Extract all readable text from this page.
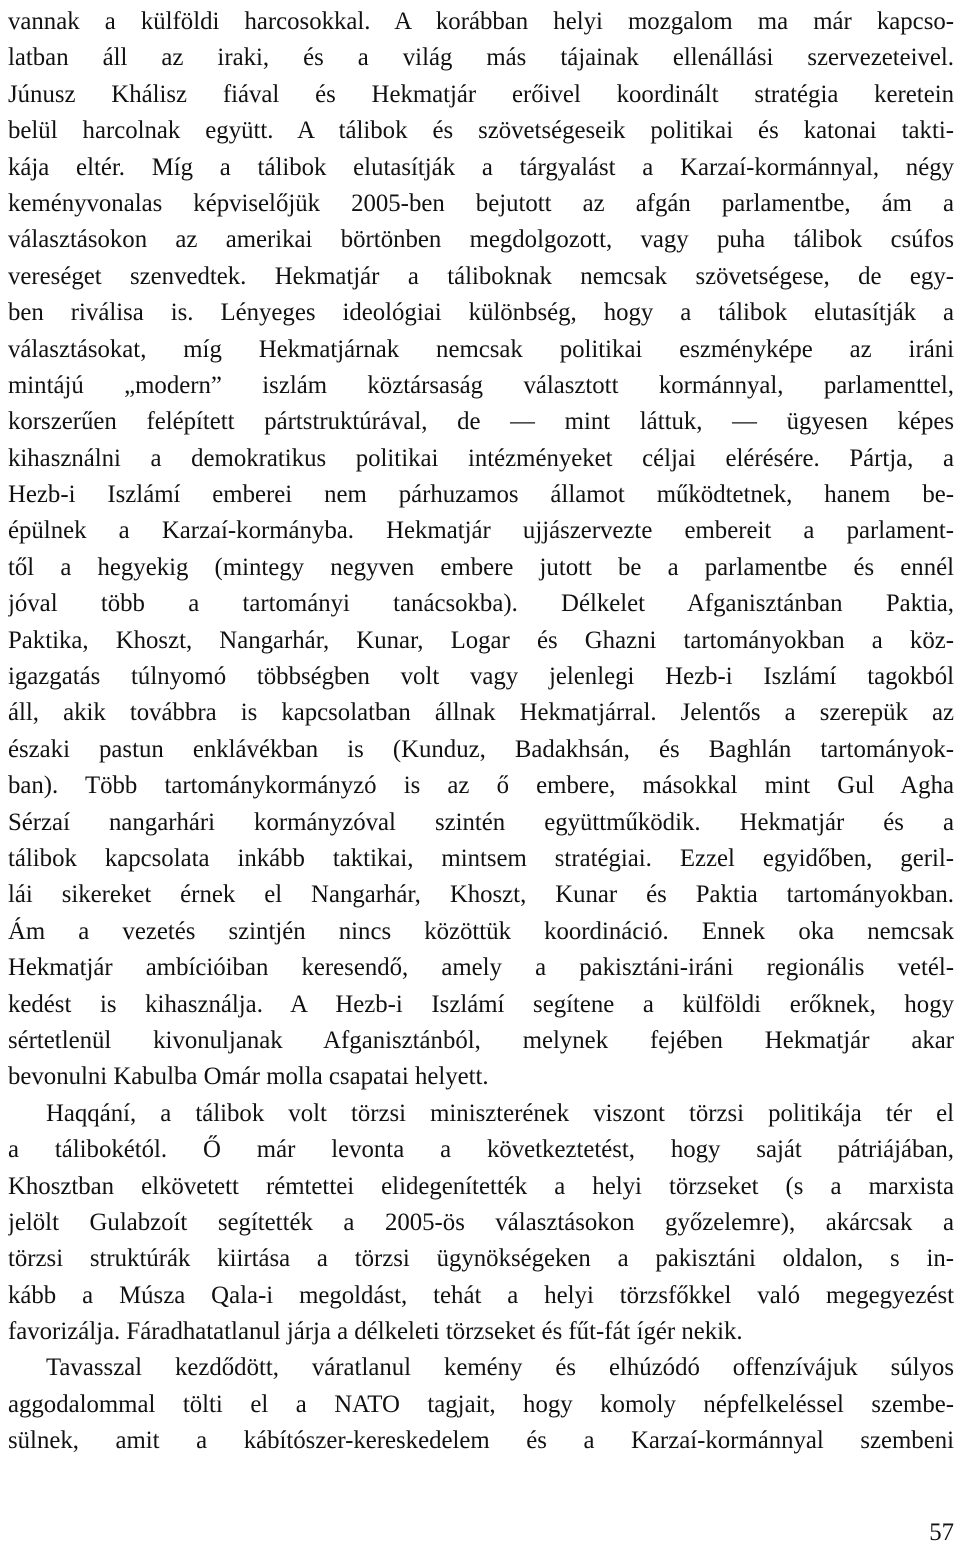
vannak a külföldi harcosokkal. A korábban helyi mozgalom ma már kapcso-
latban áll az iraki, és a világ más tájainak ellenállási szervezeteivel.
Júnusz Khálisz fiával és Hekmatjár erőivel koordinált stratégia keretein
belül harcolnak együtt. A tálibok és szövetségeseik politikai és katonai takti-
kája eltér. Míg a tálibok elutasítják a tárgyalást a Karzaí-kormánnyal, négy
keményvonalas képviselőjük 2005-ben bejutott az afgán parlamentbe, ám a
választásokon az amerikai börtönben megdolgozott, vagy puha tálibok csúfos
vereséget szenvedtek. Hekmatjár a táliboknak nemcsak szövetségese, de egy-
ben riválisa is. Lényeges ideológiai különbség, hogy a tálibok elutasítják a
választásokat, míg Hekmatjárnak nemcsak politikai eszményképe az iráni
mintájú „modern” iszlám köztársaság választott kormánnyal, parlamenttel,
korszerűen felépített pártstruktúrával, de — mint láttuk, — ügyesen képes
kihasználni a demokratikus politikai intézményeket céljai elérésére. Pártja, a
Hezb-i Iszlámí emberei nem párhuzamos államot működtetnek, hanem be-
épülnek a Karzaí-kormányba. Hekmatjár ujjászervezte embereit a parlament-
től a hegyekig (mintegy negyven embere jutott be a parlamentbe és ennél
jóval több a tartományi tanácsokba). Délkelet Afganisztánban Paktia,
Paktika, Khoszt, Nangarhár, Kunar, Logar és Ghazni tartományokban a köz-
igazgatás túlnyomó többségben volt vagy jelenlegi Hezb-i Iszlámí tagokból
áll, akik továbbra is kapcsolatban állnak Hekmatjárral. Jelentős a szerepük az
északi pastun enklávékban is (Kunduz, Badakhsán, és Baghlán tartományok-
ban). Több tartománykormányzó is az ő embere, másokkal mint Gul Agha
Sérzaí nangarhári kormányzóval szintén együttműködik. Hekmatjár és a
tálibok kapcsolata inkább taktikai, mintsem stratégiai. Ezzel egyidőben, geril-
lái sikereket érnek el Nangarhár, Khoszt, Kunar és Paktia tartományokban.
Ám a vezetés szintjén nincs közöttük koordináció. Ennek oka nemcsak
Hekmatjár ambícióiban keresendő, amely a pakisztáni-iráni regionális vetél-
kedést is kihasználja. A Hezb-i Iszlámí segítene a külföldi erőknek, hogy
sértetlenül kivonuljanak Afganisztánból, melynek fejében Hekmatjár akar
bevonulni Kabulba Omár molla csapatai helyett.
Haqqání, a tálibok volt törzsi miniszterének viszont törzsi politikája tér el
a tálibokétól. Ő már levonta a következtetést, hogy saját pátriájában,
Khosztban elkövetett rémtettei elidegenítették a helyi törzseket (s a marxista
jelölt Gulabzoít segítették a 2005-ös választásokon győzelemre), akárcsak a
törzsi struktúrák kiirtása a törzsi ügynökségeken a pakisztáni oldalon, s in-
kább a Músza Qala-i megoldást, tehát a helyi törzsfőkkel való megegyezést
favorizálja. Fáradhatatlanul járja a délkeleti törzseket és fűt-fát ígér nekik.
Tavasszal kezdődött, váratlanul kemény és elhúzódó offenzívájuk súlyos
aggodalommal tölti el a NATO tagjait, hogy komoly népfelkeléssel szembe-
sülnek, amit a kábítószer-kereskedelem és a Karzaí-kormánnyal szembeni
57
